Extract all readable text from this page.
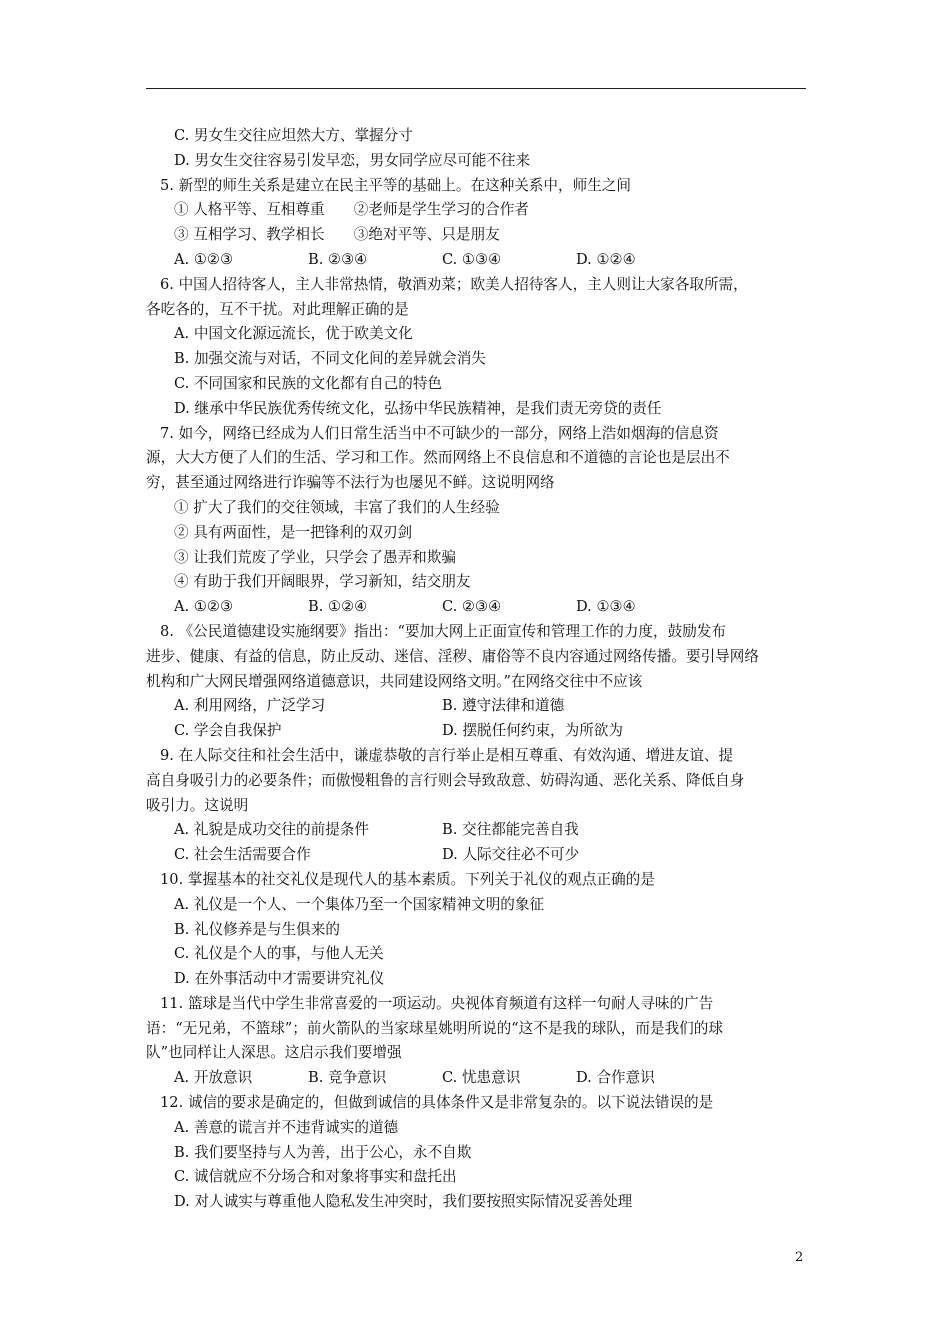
C. 男女生交往应坦然大方、掌握分寸
D. 男女生交往容易引发早恋，男女同学应尽可能不往来
5. 新型的师生关系是建立在民主平等的基础上。在这种关系中，师生之间
① 人格平等、互相尊重　　②老师是学生学习的合作者
③ 互相学习、教学相长　　③绝对平等、只是朋友
A. ①②③	B. ②③④	C. ①③④	D. ①②④
6. 中国人招待客人，主人非常热情，敬酒劝菜；欧美人招待客人，主人则让大家各取所需，
各吃各的，互不干扰。对此理解正确的是
A. 中国文化源远流长，优于欧美文化
B. 加强交流与对话，不同文化间的差异就会消失
C. 不同国家和民族的文化都有自己的特色
D. 继承中华民族优秀传统文化，弘扬中华民族精神，是我们责无旁贷的责任
7. 如今，网络已经成为人们日常生活当中不可缺少的一部分，网络上浩如烟海的信息资
源，大大方便了人们的生活、学习和工作。然而网络上不良信息和不道德的言论也是层出不
穷，甚至通过网络进行诈骗等不法行为也屡见不鲜。这说明网络
① 扩大了我们的交往领域，丰富了我们的人生经验
② 具有两面性，是一把锋利的双刃剑
③ 让我们荒废了学业，只学会了愚弄和欺骗
④ 有助于我们开阔眼界，学习新知，结交朋友
A. ①②③	B. ①②④	C. ②③④	D. ①③④
8. 《公民道德建设实施纲要》指出：“要加大网上正面宣传和管理工作的力度，鼓励发布
进步、健康、有益的信息，防止反动、迷信、淫秽、庸俗等不良内容通过网络传播。要引导网络
机构和广大网民增强网络道德意识，共同建设网络文明。”在网络交往中不应该
A. 利用网络，广泛学习	B. 遵守法律和道德
C. 学会自我保护	D. 摆脱任何约束，为所欲为
9. 在人际交往和社会生活中，谦虚恭敬的言行举止是相互尊重、有效沟通、增进友谊、提
高自身吸引力的必要条件；而傲慢粗鲁的言行则会导致敌意、妨碍沟通、恶化关系、降低自身
吸引力。这说明
A. 礼貌是成功交往的前提条件	B. 交往都能完善自我
C. 社会生活需要合作	D. 人际交往必不可少
10. 掌握基本的社交礼仪是现代人的基本素质。下列关于礼仪的观点正确的是
A. 礼仪是一个人、一个集体乃至一个国家精神文明的象征
B. 礼仪修养是与生俱来的
C. 礼仪是个人的事，与他人无关
D. 在外事活动中才需要讲究礼仪
11. 篮球是当代中学生非常喜爱的一项运动。央视体育频道有这样一句耐人寻味的广告
语：“无兄弟，不篮球”；前火箭队的当家球星姚明所说的“这不是我的球队，而是我们的球
队”也同样让人深思。这启示我们要增强
A. 开放意识	B. 竞争意识	C. 忧患意识	D. 合作意识
12. 诚信的要求是确定的，但做到诚信的具体条件又是非常复杂的。以下说法错误的是
A. 善意的谎言并不违背诚实的道德
B. 我们要坚持与人为善，出于公心，永不自欺
C. 诚信就应不分场合和对象将事实和盘托出
D. 对人诚实与尊重他人隐私发生冲突时，我们要按照实际情况妥善处理
2
